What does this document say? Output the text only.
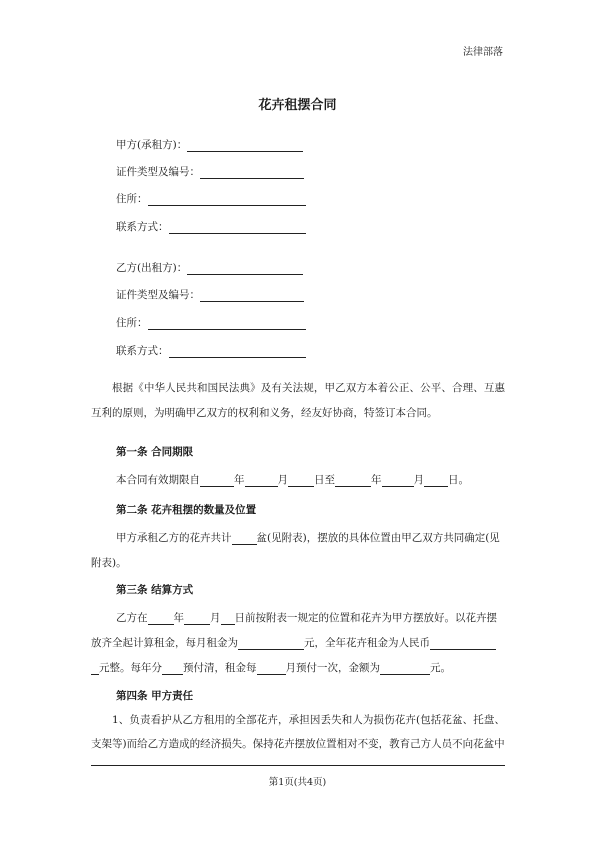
法律部落
花卉租摆合同
甲方(承租方)：
证件类型及编号：
住所：
联系方式：
乙方(出租方)：
证件类型及编号：
住所：
联系方式：

根据《中华人民共和国民法典》及有关法规，甲乙双方本着公正、公平、合理、互惠互利的原则，为明确甲乙双方的权利和义务，经友好协商，特签订本合同。

第一条 合同期限
本合同有效期限自	年	月 日至	年	月 日。
第二条 花卉租摆的数量及位置
甲方承租乙方的花卉共计 盆(见附表)，摆放的具体位置由甲乙双方共同确定(见
附表)。
第三条 结算方式
乙方在 年 月 日前按附表一规定的位置和花卉为甲方摆放好。以花卉摆
放齐全起计算租金，每月租金为	元，全年花卉租金为人民币
元整。每年分 预付清，租金每	月预付一次，金额为	元。
第四条 甲方责任

1、负责看护从乙方租用的全部花卉，承担因丢失和人为损伤花卉(包括花盆、托盘、支架等)而给乙方造成的经济损失。保持花卉摆放位置相对不变，教育己方人员不向花盆中

第1页(共4页)
